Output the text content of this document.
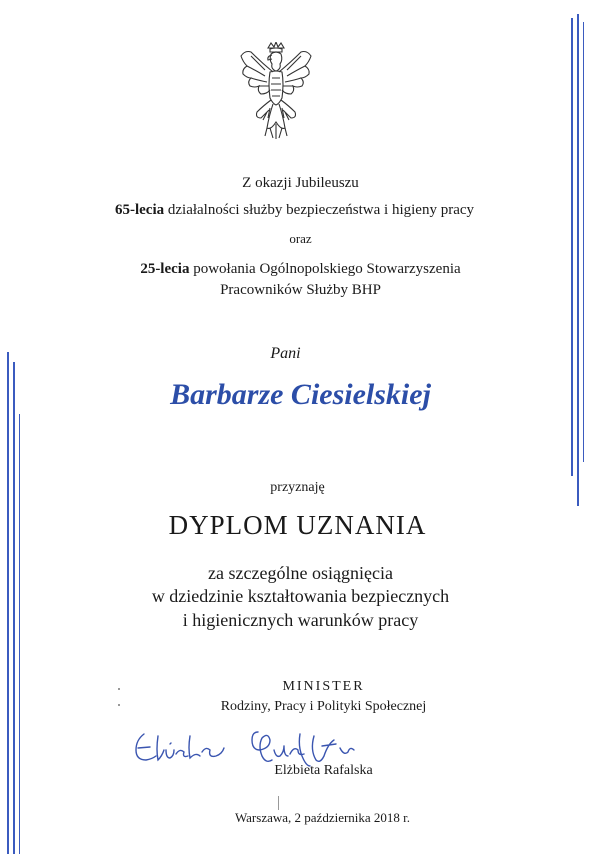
Z okazji Jubileuszu
65-lecia działalności służby bezpieczeństwa i higieny pracy
oraz
25-lecia powołania Ogólnopolskiego Stowarzyszenia
Pracowników Służby BHP
Pani
Barbarze Ciesielskiej
przyznaję
DYPLOM UZNANIA
za szczególne osiągnięcia
w dziedzinie kształtowania bezpiecznych
i higienicznych warunków pracy
MINISTER
Rodziny, Pracy i Polityki Społecznej
Elżbieta Rafalska
Warszawa, 2 października 2018 r.
